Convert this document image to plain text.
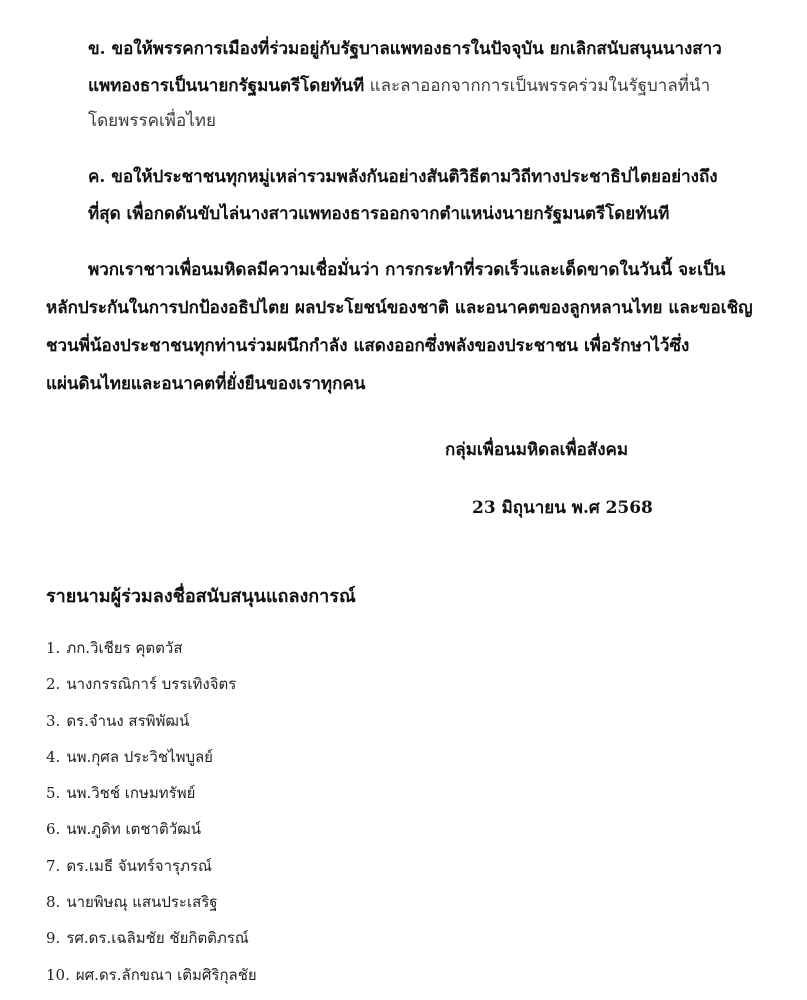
ข. ขอให้พรรคการเมืองที่ร่วมอยู่กับรัฐบาลแพทองธารในปัจจุบัน ยกเลิกสนับสนุนนางสาว
แพทองธารเป็นนายกรัฐมนตรีโดยทันที และลาออกจากการเป็นพรรคร่วมในรัฐบาลที่นำ
โดยพรรคเพื่อไทย
ค. ขอให้ประชาชนทุกหมู่เหล่ารวมพลังกันอย่างสันติวิธีตามวิถีทางประชาธิปไตยอย่างถึง
ที่สุด เพื่อกดดันขับไล่นางสาวแพทองธารออกจากตำแหน่งนายกรัฐมนตรีโดยทันที
พวกเราชาวเพื่อนมหิดลมีความเชื่อมั่นว่า การกระทำที่รวดเร็วและเด็ดขาดในวันนี้ จะเป็น
หลักประกันในการปกป้องอธิปไตย ผลประโยชน์ของชาติ และอนาคตของลูกหลานไทย และขอเชิญ
ชวนพี่น้องประชาชนทุกท่านร่วมผนึกกำลัง แสดงออกซึ่งพลังของประชาชน เพื่อรักษาไว้ซึ่ง
แผ่นดินไทยและอนาคตที่ยั่งยืนของเราทุกคน
กลุ่มเพื่อนมหิดลเพื่อสังคม
23 มิถุนายน พ.ศ 2568
รายนามผู้ร่วมลงชื่อสนับสนุนแถลงการณ์
1. ภก.วิเชียร คุตตวัส
2. นางกรรณิการ์ บรรเทิงจิตร
3. ดร.จำนง สรพิพัฒน์
4. นพ.กุศล ประวิชไพบูลย์
5. นพ.วิชช์ เกษมทรัพย์
6. นพ.ภูดิท เตชาติวัฒน์
7. ดร.เมธี จันทร์จารุภรณ์
8. นายพิษณุ แสนประเสริฐ
9. รศ.ดร.เฉลิมชัย ชัยกิตติภรณ์
10. ผศ.ดร.ลักขณา เติมศิริกุลชัย
